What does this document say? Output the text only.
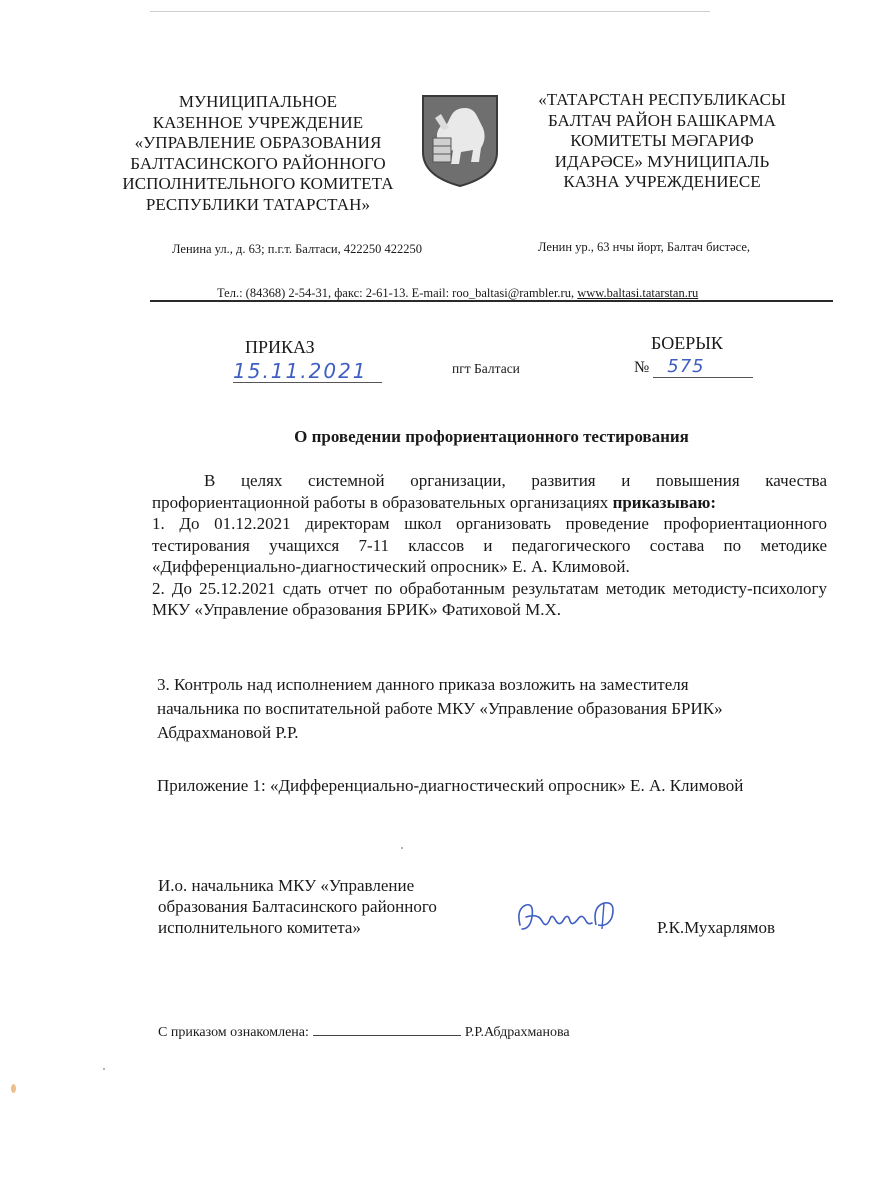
МУНИЦИПАЛЬНОЕ
КАЗЕННОЕ УЧРЕЖДЕНИЕ
«УПРАВЛЕНИЕ ОБРАЗОВАНИЯ
БАЛТАСИНСКОГО РАЙОННОГО
ИСПОЛНИТЕЛЬНОГО КОМИТЕТА
РЕСПУБЛИКИ ТАТАРСТАН»
«ТАТАРСТАН РЕСПУБЛИКАСЫ
БАЛТАЧ РАЙОН БАШКАРМА
КОМИТЕТЫ МӘГАРИФ
ИДАРӘСЕ» МУНИЦИПАЛЬ
КАЗНА УЧРЕЖДЕНИЕСЕ
Ленина ул., д. 63; п.г.т. Балтаси, 422250 422250	Ленин ур., 63 нчы йорт, Балтач бистәсе,
Тел.: (84368) 2-54-31, факс: 2-61-13. E-mail: roo_baltasi@rambler.ru, www.baltasi.tatarstan.ru
ПРИКАЗ	БОЕРЫК
15.11.2021	пгт Балтаси	№ 575
О проведении профориентационного тестирования

В целях системной организации, развития и повышения качества профориентационной работы в образовательных организациях приказываю:

1. До 01.12.2021 директорам школ организовать проведение профориентационного тестирования учащихся 7-11 классов и педагогического состава по методике «Дифференциально-диагностический опросник» Е. А. Климовой.

2. До 25.12.2021 сдать отчет по обработанным результатам методик методисту-психологу МКУ «Управление образования БРИК» Фатиховой М.Х.

3. Контроль над исполнением данного приказа возложить на заместителя
начальника по воспитательной работе МКУ «Управление образования БРИК»
Абдрахмановой Р.Р.
Приложение 1: «Дифференциально-диагностический опросник» Е. А. Климовой
И.о. начальника МКУ «Управление
образования Балтасинского районного
исполнительного комитета»	Р.К.Мухарлямов
С приказом ознакомлена:	Р.Р.Абдрахманова
